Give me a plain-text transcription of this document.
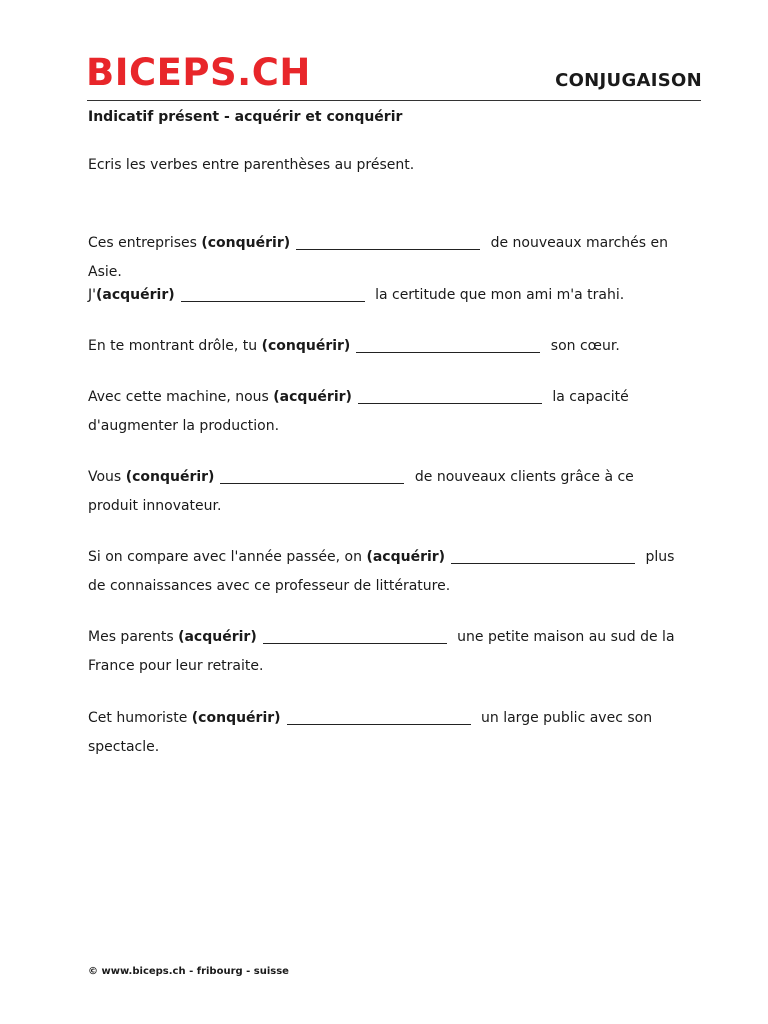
BICEPS.CH	CONJUGAISON
Indicatif présent - acquérir et conquérir
Ecris les verbes entre parenthèses au présent.

Ces entreprises (conquérir)	de nouveaux marchés en Asie.

J'(acquérir)	la certitude que mon ami m'a trahi.

En te montrant drôle, tu (conquérir)	son cœur.

Avec cette machine, nous (acquérir)	la capacité d'augmenter la production.

Vous (conquérir)	de nouveaux clients grâce à ce produit innovateur.

Si on compare avec l'année passée, on (acquérir)	plus de connaissances avec ce professeur de littérature.

Mes parents (acquérir)	une petite maison au sud de la France pour leur retraite.

Cet humoriste (conquérir)	un large public avec son spectacle.

© www.biceps.ch - fribourg - suisse
